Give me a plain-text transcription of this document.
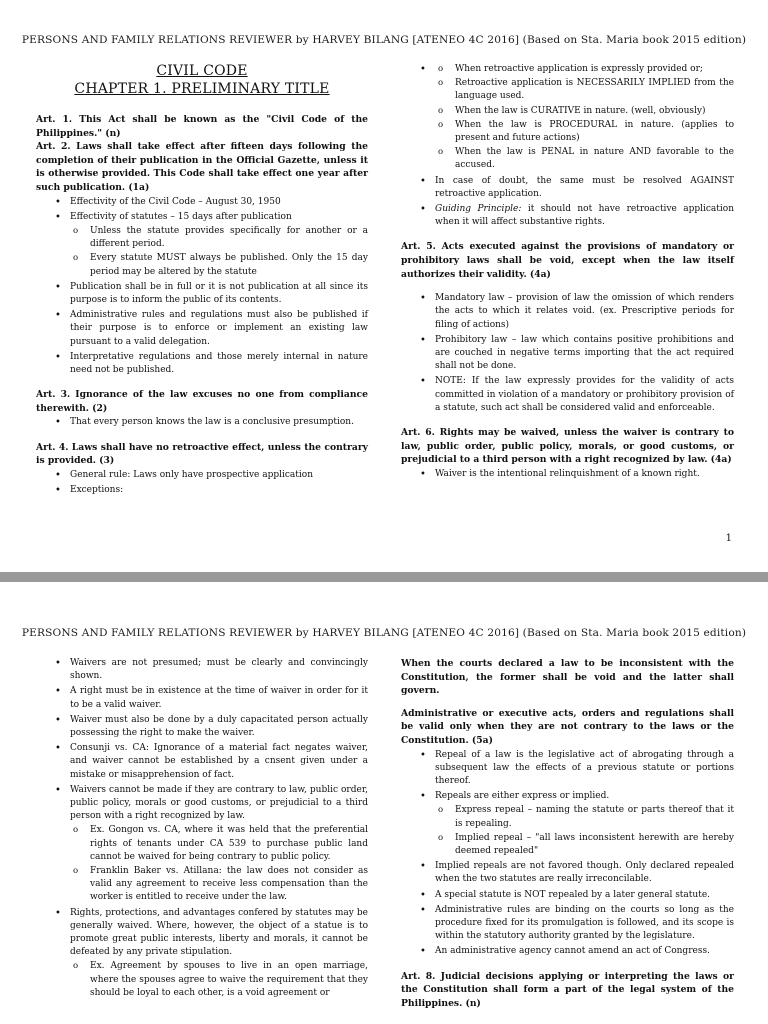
PERSONS AND FAMILY RELATIONS REVIEWER by HARVEY BILANG [ATENEO 4C 2016] (Based on Sta. Maria book 2015 edition)

CIVIL CODE

CHAPTER 1. PRELIMINARY TITLE

Art. 1. This Act shall be known as the "Civil Code of the Philippines." (n)
Art. 2. Laws shall take effect after fifteen days following the completion of their publication in the Official Gazette, unless it is otherwise provided. This Code shall take effect one year after such publication. (1a)
• Effectivity of the Civil Code – August 30, 1950
• Effectivity of statutes – 15 days after publication
o Unless the statute provides specifically for another or a different period.
o Every statute MUST always be published. Only the 15 day period may be altered by the statute
• Publication shall be in full or it is not publication at all since its purpose is to inform the public of its contents.
• Administrative rules and regulations must also be published if their purpose is to enforce or implement an existing law pursuant to a valid delegation.
• Interpretative regulations and those merely internal in nature need not be published.
Art. 3. Ignorance of the law excuses no one from compliance therewith. (2)
• That every person knows the law is a conclusive presumption.
Art. 4. Laws shall have no retroactive effect, unless the contrary is provided. (3)
• General rule: Laws only have prospective application
• Exceptions:
o • When retroactive application is expressly provided or;
o Retroactive application is NECESSARILY IMPLIED from the language used.
o When the law is CURATIVE in nature. (well, obviously)
o When the law is PROCEDURAL in nature. (applies to present and future actions)
o When the law is PENAL in nature AND favorable to the accused.
• In case of doubt, the same must be resolved AGAINST retroactive application.
• Guiding Principle: it should not have retroactive application when it will affect substantive rights.
Art. 5. Acts executed against the provisions of mandatory or prohibitory laws shall be void, except when the law itself authorizes their validity. (4a)
• Mandatory law – provision of law the omission of which renders the acts to which it relates void. (ex. Prescriptive periods for filing of actions)
• Prohibitory law – law which contains positive prohibitions and are couched in negative terms importing that the act required shall not be done.
• NOTE: If the law expressly provides for the validity of acts committed in violation of a mandatory or prohibitory provision of a statute, such act shall be considered valid and enforceable.
Art. 6. Rights may be waived, unless the waiver is contrary to law, public order, public policy, morals, or good customs, or prejudicial to a third person with a right recognized by law. (4a)
• Waiver is the intentional relinquishment of a known right.
1
PERSONS AND FAMILY RELATIONS REVIEWER by HARVEY BILANG [ATENEO 4C 2016] (Based on Sta. Maria book 2015 edition)
• Waivers are not presumed; must be clearly and convincingly shown.
• A right must be in existence at the time of waiver in order for it to be a valid waiver.
• Waiver must also be done by a duly capacitated person actually possessing the right to make the waiver.
• Consunji vs. CA: Ignorance of a material fact negates waiver, and waiver cannot be established by a cnsent given under a mistake or misapprehension of fact.
• Waivers cannot be made if they are contrary to law, public order, public policy, morals or good customs, or prejudicial to a third person with a right recognized by law.
o Ex. Gongon vs. CA, where it was held that the preferential rights of tenants under CA 539 to purchase public land cannot be waived for being contrary to public policy.
o Franklin Baker vs. Atillana: the law does not consider as valid any agreement to receive less compensation than the worker is entitled to receive under the law.
• Rights, protections, and advantages confered by statutes may be generally waived. Where, however, the object of a statue is to promote great public interests, liberty and morals, it cannot be defeated by any private stipulation.
o Ex. Agreement by spouses to live in an open marriage, where the spouses agree to waive the requirement that they should be loyal to each other, is a void agreement or
When the courts declared a law to be inconsistent with the Constitution, the former shall be void and the latter shall govern.
Administrative or executive acts, orders and regulations shall be valid only when they are not contrary to the laws or the Constitution. (5a)
• Repeal of a law is the legislative act of abrogating through a subsequent law the effects of a previous statute or portions thereof.
• Repeals are either express or implied.
o Express repeal – naming the statute or parts thereof that it is repealing.
o Implied repeal – "all laws inconsistent herewith are hereby deemed repealed"
• Implied repeals are not favored though. Only declared repealed when the two statutes are really irreconcilable.
• A special statute is NOT repealed by a later general statute.
• Administrative rules are binding on the courts so long as the procedure fixed for its promulgation is followed, and its scope is within the statutory authority granted by the legislature.
• An administrative agency cannot amend an act of Congress.
Art. 8. Judicial decisions applying or interpreting the laws or the Constitution shall form a part of the legal system of the Philippines. (n)
